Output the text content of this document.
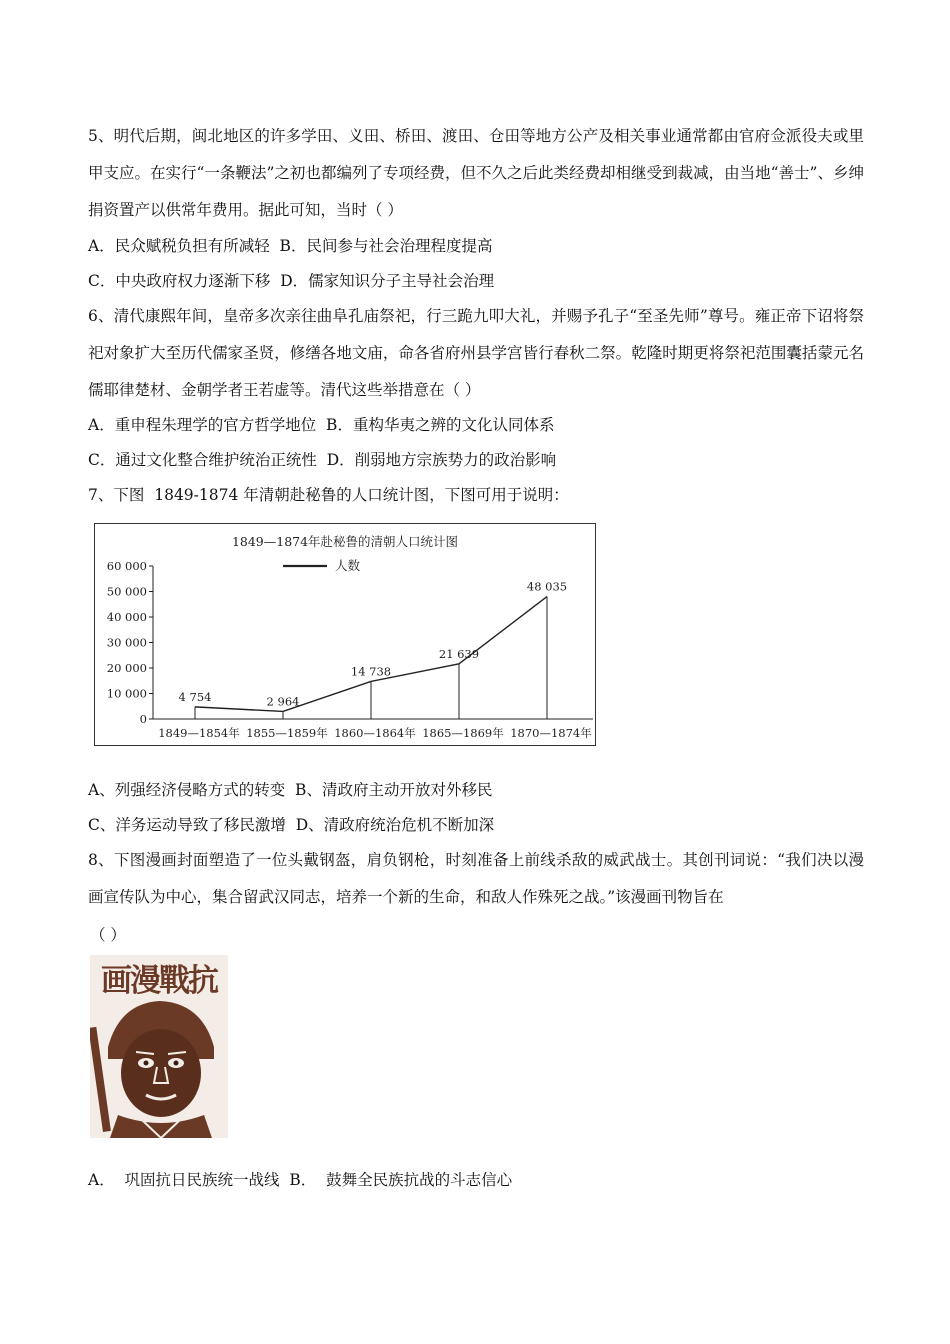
5、明代后期，闽北地区的许多学田、义田、桥田、渡田、仓田等地方公产及相关事业通常都由官府佥派役夫或里甲支应。在实行“一条鞭法”之初也都编列了专项经费，但不久之后此类经费却相继受到裁减，由当地“善士”、乡绅捐资置产以供常年费用。据此可知，当时（ ）
A．民众赋税负担有所减轻  B．民间参与社会治理程度提高
C．中央政府权力逐渐下移  D．儒家知识分子主导社会治理
6、清代康熙年间，皇帝多次亲往曲阜孔庙祭祀，行三跪九叩大礼，并赐予孔子“至圣先师”尊号。雍正帝下诏将祭祀对象扩大至历代儒家圣贤，修缮各地文庙，命各省府州县学宫皆行春秋二祭。乾隆时期更将祭祀范围囊括蒙元名儒耶律楚材、金朝学者王若虚等。清代这些举措意在（ ）
A．重申程朱理学的官方哲学地位  B．重构华夷之辨的文化认同体系
C．通过文化整合维护统治正统性  D．削弱地方宗族势力的政治影响
7、下图  1849-1874 年清朝赴秘鲁的人口统计图，下图可用于说明：
1849—1874年赴秘鲁的清朝人口统计图
人数
60 000
50 000
40 000
30 000
20 000
10 000
0
1849—1854年 1855—1859年 1860—1864年 1865—1869年 1870—1874年
4 754	2 964
14 738
21 639
48 035
A、列强经济侵略方式的转变  B、清政府主动开放对外移民
C、洋务运动导致了移民激增  D、清政府统治危机不断加深
8、下图漫画封面塑造了一位头戴钢盔，肩负钢枪，时刻准备上前线杀敌的威武战士。其创刊词说：“我们决以漫画宣传队为中心，集合留武汉同志，培养一个新的生命，和敌人作殊死之战。”该漫画刊物旨在
（ ）
画漫戰抗
A．  巩固抗日民族统一战线  B．  鼓舞全民族抗战的斗志信心
